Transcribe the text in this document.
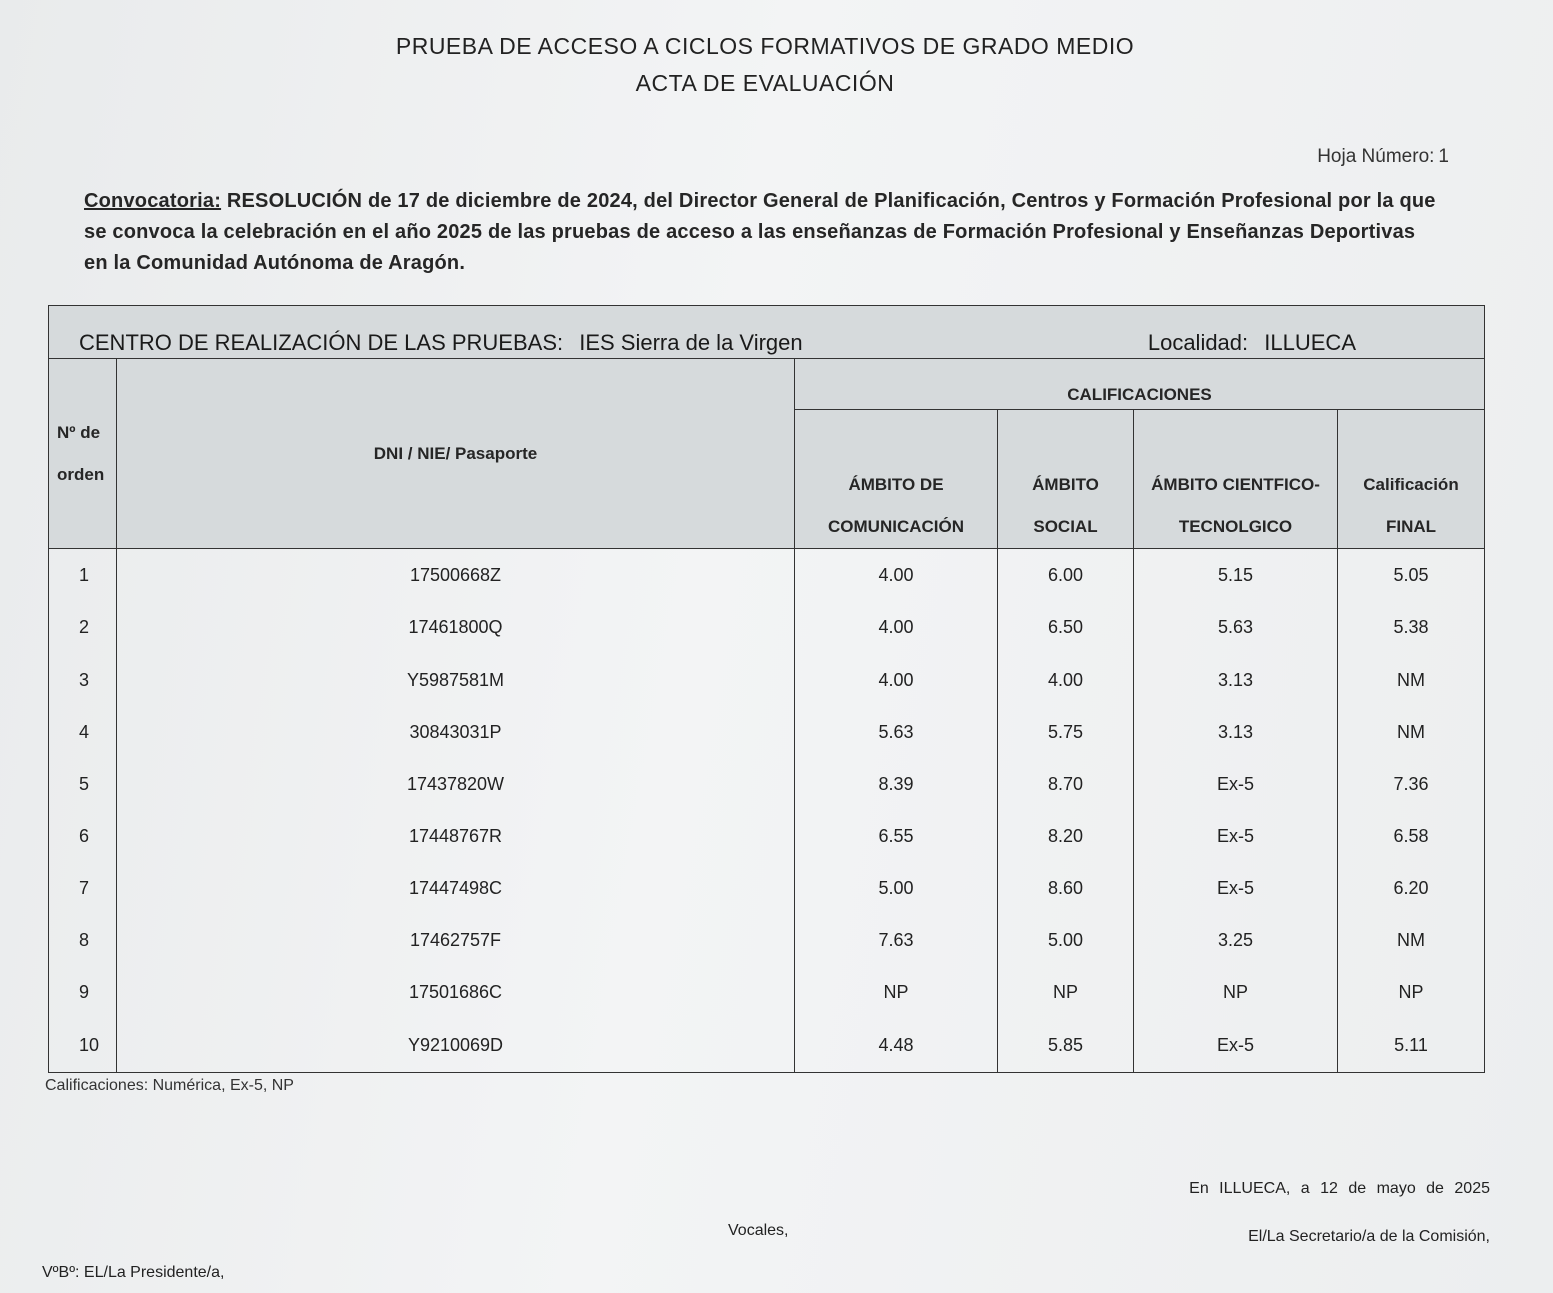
PRUEBA DE ACCESO A CICLOS FORMATIVOS DE GRADO MEDIO
ACTA DE EVALUACIÓN
Hoja Número: 1
Convocatoria: RESOLUCIÓN de 17 de diciembre de 2024, del Director General de Planificación, Centros y Formación Profesional por la que se convoca la celebración en el año 2025 de las pruebas de acceso a las enseñanzas de Formación Profesional y Enseñanzas Deportivas en la Comunidad Autónoma de Aragón.
CENTRO DE REALIZACIÓN DE LAS PRUEBAS: IES Sierra de la Virgen Localidad: ILLUECA					

Nº de orden	DNI / NIE/ Pasaporte	CALIFICACIONES			
		ÁMBITO DE COMUNICACIÓN	ÁMBITO SOCIAL	ÁMBITO CIENTFICO- TECNOLGICO	Calificación FINAL
1	17500668Z	4.00	6.00	5.15	5.05
2	17461800Q	4.00	6.50	5.63	5.38
3	Y5987581M	4.00	4.00	3.13	NM
4	30843031P	5.63	5.75	3.13	NM
5	17437820W	8.39	8.70	Ex-5	7.36
6	17448767R	6.55	8.20	Ex-5	6.58
7	17447498C	5.00	8.60	Ex-5	6.20
8	17462757F	7.63	5.00	3.25	NM
9	17501686C	NP	NP	NP	NP
10	Y9210069D	4.48	5.85	Ex-5	5.11
Calificaciones: Numérica, Ex-5, NP
En ILLUECA, a 12 de mayo de 2025
Vocales,	El/La Secretario/a de la Comisión,
VºBº: EL/La Presidente/a,
